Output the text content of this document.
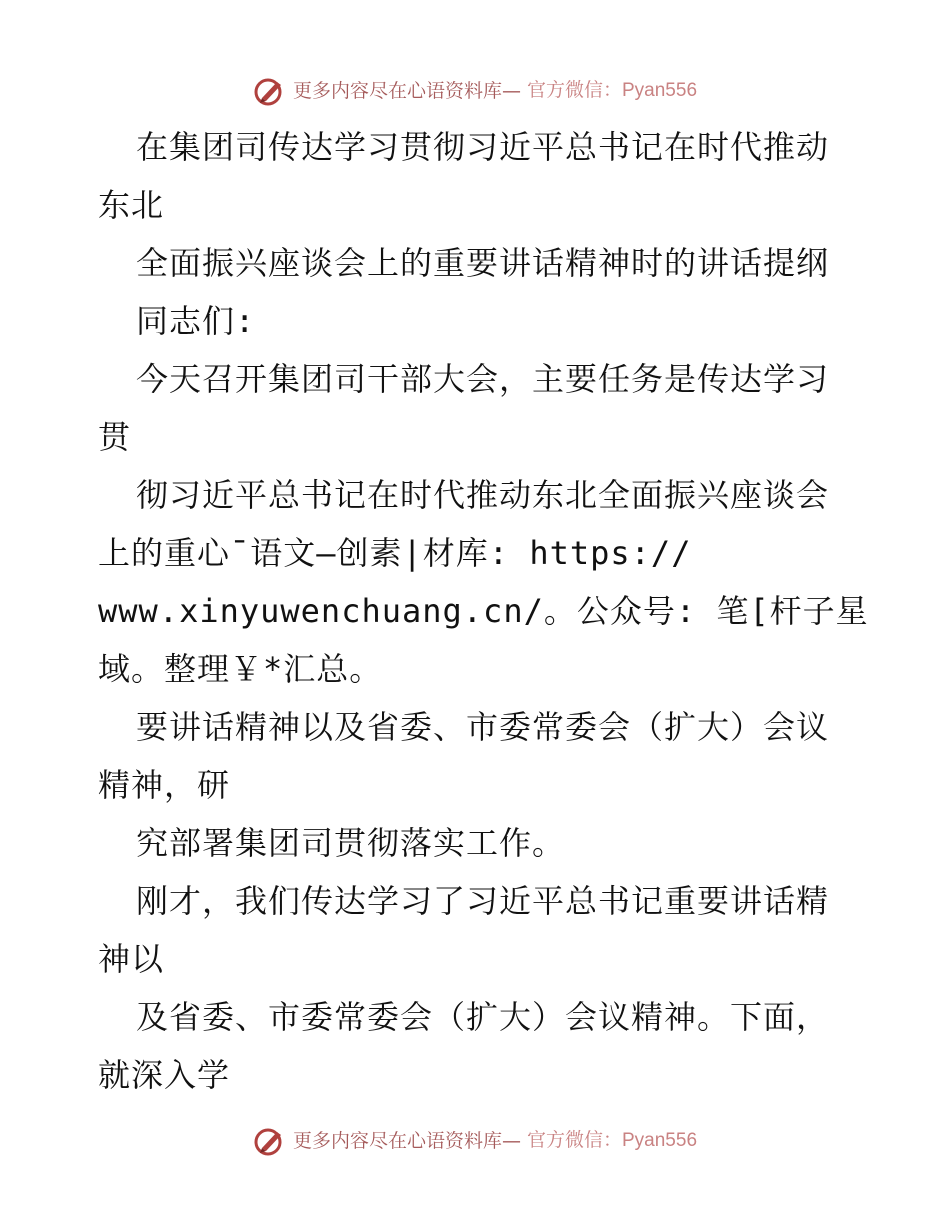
更多内容尽在心语资料库— 官方微信：Pyan556
在集团司传达学习贯彻习近平总书记在时代推动
东北
全面振兴座谈会上的重要讲话精神时的讲话提纲
同志们:
今天召开集团司干部大会，主要任务是传达学习
贯
彻习近平总书记在时代推动东北全面振兴座谈会
上的重心¯语文—创素|材库: https://
www.xinyuwenchuang.cn/。公众号: 笔[杆子星
域。整理￥*汇总。
要讲话精神以及省委、市委常委会（扩大）会议
精神，研
究部署集团司贯彻落实工作。
刚才，我们传达学习了习近平总书记重要讲话精
神以
及省委、市委常委会（扩大）会议精神。下面，
就深入学
更多内容尽在心语资料库— 官方微信：Pyan556
